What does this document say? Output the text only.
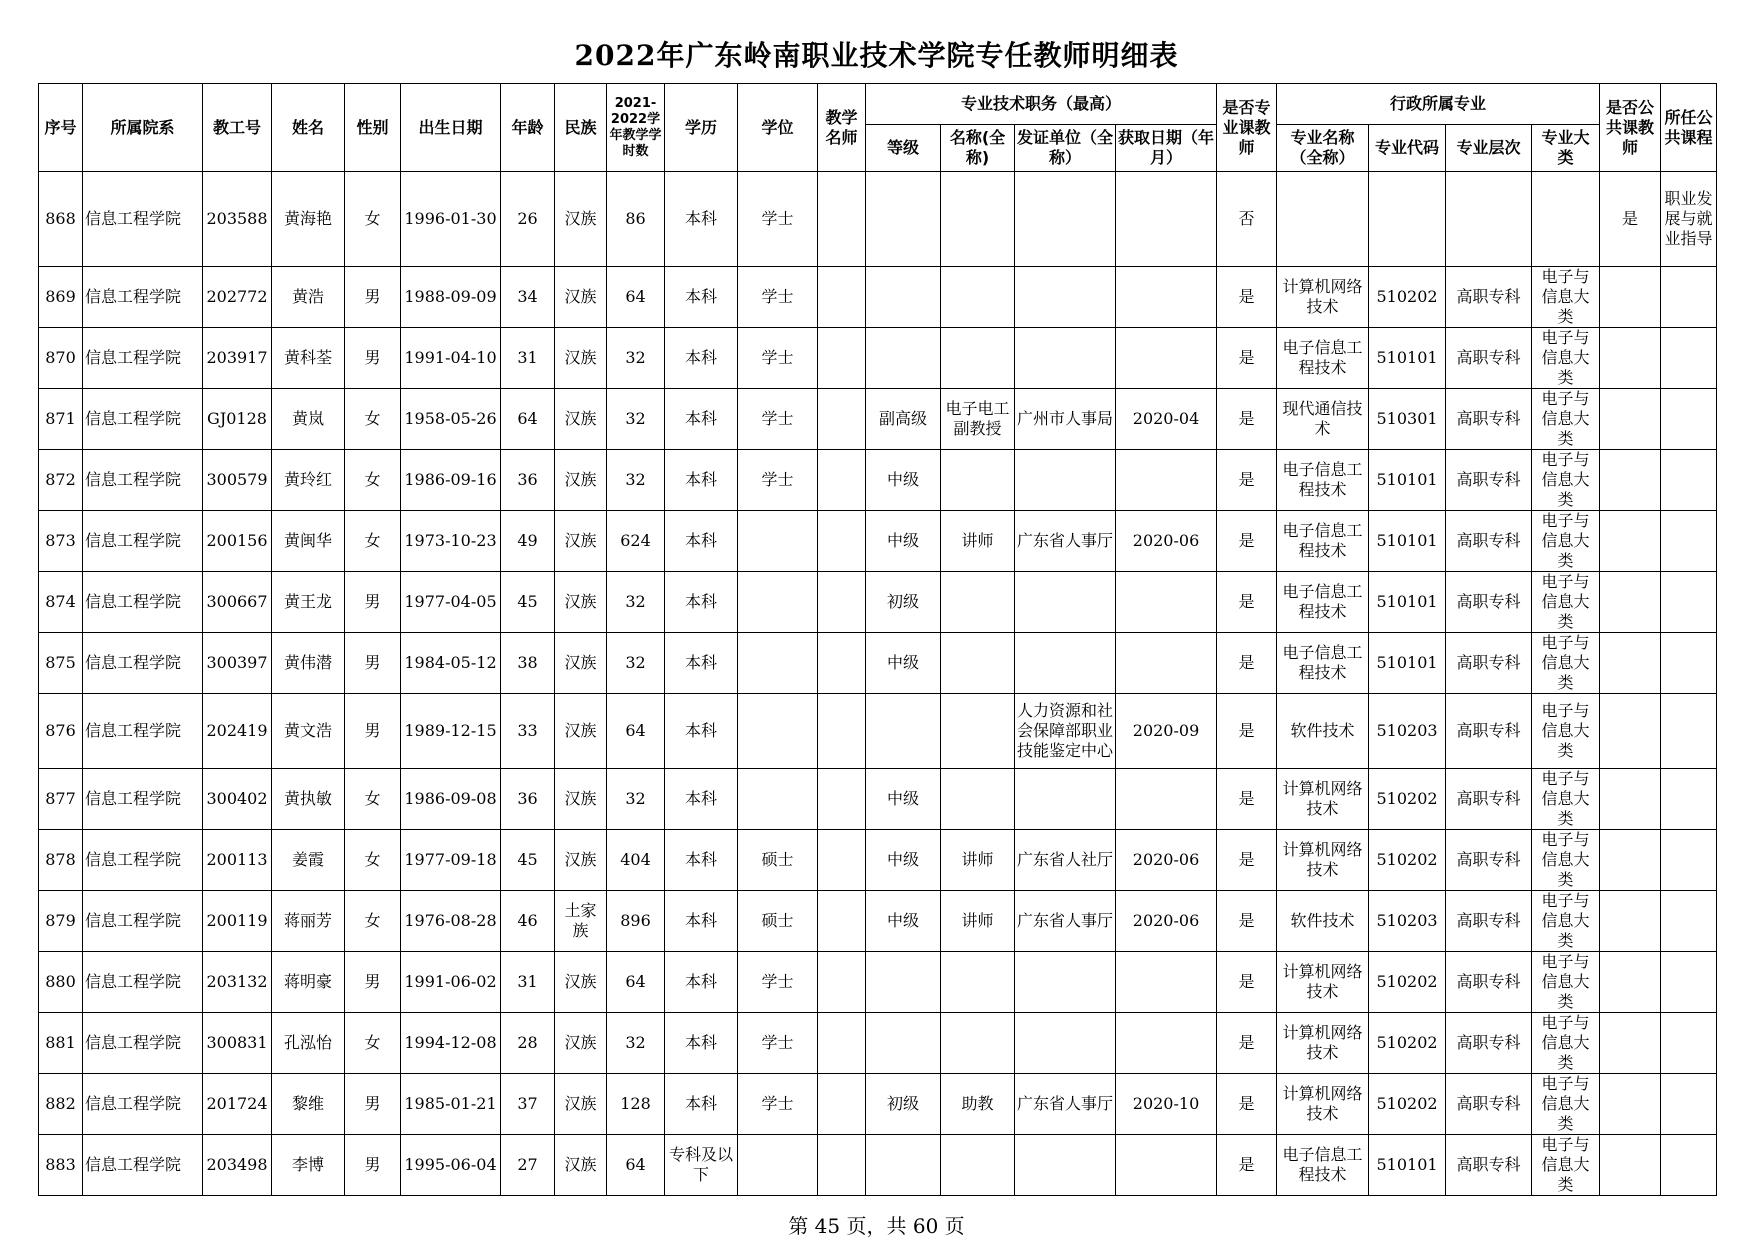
2022年广东岭南职业技术学院专任教师明细表
序号	所属院系	教工号	姓名	性别	出生日期	年龄	民族	2021-2022学年教学学时数	学历	学位	教学名师	专业技术职务（最高）				是否专业课教师	行政所属专业				是否公共课教师	所任公共课程
												等级	名称(全称)	发证单位（全称）	获取日期（年月）		专业名称（全称）	专业代码	专业层次	专业大类		
868	信息工程学院	203588	黄海艳	女	1996-01-30	26	汉族	86	本科	学士						否					是	职业发展与就业指导
869	信息工程学院	202772	黄浩	男	1988-09-09	34	汉族	64	本科	学士						是	计算机网络技术	510202	高职专科	电子与信息大类		
870	信息工程学院	203917	黄科荃	男	1991-04-10	31	汉族	32	本科	学士						是	电子信息工程技术	510101	高职专科	电子与信息大类		
871	信息工程学院	GJ0128	黄岚	女	1958-05-26	64	汉族	32	本科	学士		副高级	电子电工副教授	广州市人事局	2020-04	是	现代通信技术	510301	高职专科	电子与信息大类		
872	信息工程学院	300579	黄玲红	女	1986-09-16	36	汉族	32	本科	学士		中级				是	电子信息工程技术	510101	高职专科	电子与信息大类		
873	信息工程学院	200156	黄闽华	女	1973-10-23	49	汉族	624	本科			中级	讲师	广东省人事厅	2020-06	是	电子信息工程技术	510101	高职专科	电子与信息大类		
874	信息工程学院	300667	黄王龙	男	1977-04-05	45	汉族	32	本科			初级				是	电子信息工程技术	510101	高职专科	电子与信息大类		
875	信息工程学院	300397	黄伟潜	男	1984-05-12	38	汉族	32	本科			中级				是	电子信息工程技术	510101	高职专科	电子与信息大类		
876	信息工程学院	202419	黄文浩	男	1989-12-15	33	汉族	64	本科					人力资源和社会保障部职业技能鉴定中心	2020-09	是	软件技术	510203	高职专科	电子与信息大类		
877	信息工程学院	300402	黄执敏	女	1986-09-08	36	汉族	32	本科			中级				是	计算机网络技术	510202	高职专科	电子与信息大类		
878	信息工程学院	200113	姜霞	女	1977-09-18	45	汉族	404	本科	硕士		中级	讲师	广东省人社厅	2020-06	是	计算机网络技术	510202	高职专科	电子与信息大类		
879	信息工程学院	200119	蒋丽芳	女	1976-08-28	46	土家族	896	本科	硕士		中级	讲师	广东省人事厅	2020-06	是	软件技术	510203	高职专科	电子与信息大类		
880	信息工程学院	203132	蒋明豪	男	1991-06-02	31	汉族	64	本科	学士						是	计算机网络技术	510202	高职专科	电子与信息大类		
881	信息工程学院	300831	孔泓怡	女	1994-12-08	28	汉族	32	本科	学士						是	计算机网络技术	510202	高职专科	电子与信息大类		
882	信息工程学院	201724	黎维	男	1985-01-21	37	汉族	128	本科	学士		初级	助教	广东省人事厅	2020-10	是	计算机网络技术	510202	高职专科	电子与信息大类		
883	信息工程学院	203498	李博	男	1995-06-04	27	汉族	64	专科及以下							是	电子信息工程技术	510101	高职专科	电子与信息大类		
第 45 页，共 60 页
